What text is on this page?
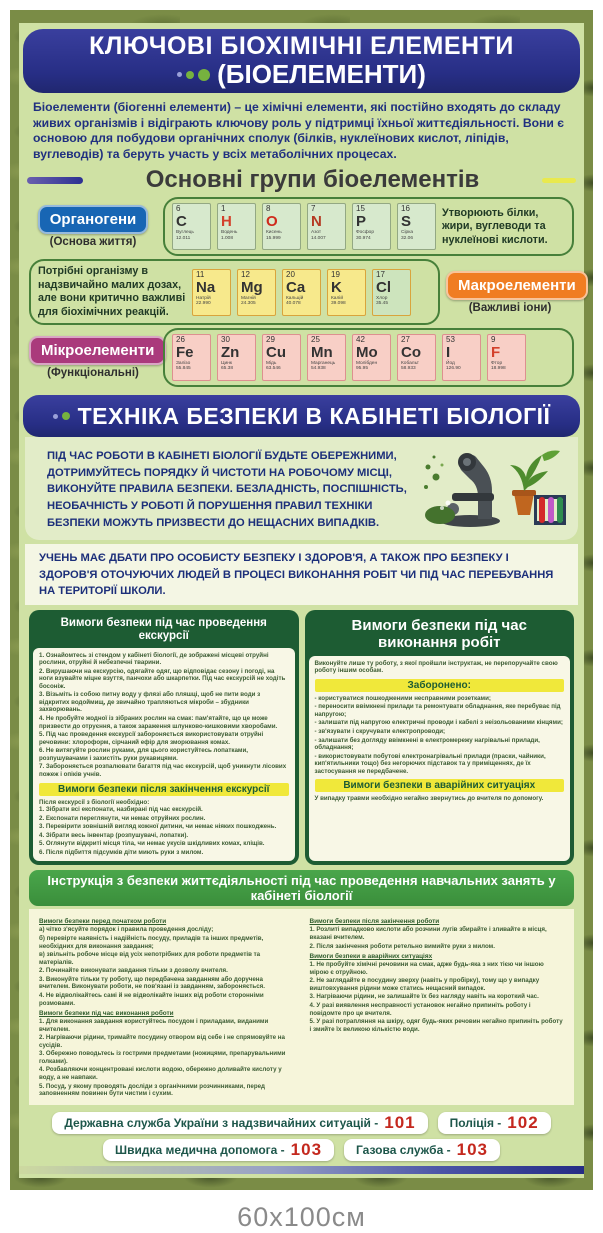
КЛЮЧОВІ БІОХІМІЧНІ ЕЛЕМЕНТИ
(БІОЕЛЕМЕНТИ)
Біоелементи (біогенні елементи) – це хімічні елементи, які постійно входять до складу живих організмів і відіграють ключову роль у підтримці їхньої життєдіяльності. Вони є основою для побудови органічних сполук (білків, нуклеїнових кислот, ліпідів, вуглеводів) та беруть участь у всіх метаболічних процесах.
Основні групи біоелементів
Органогени
(Основа життя)
6
C
Вуглець
12.011
1
H
Водень
1.008
8
O
Кисень
15.999
7
N
Азот
14.007
15
P
Фосфор
30.974
16
S
Сірка
32.06
Утворюють білки, жири, вуглеводи та нуклеїнові кислоти.
Потрібні організму в надзвичайно малих дозах, але вони критично важливі для біохімічних реакцій.
11
Na
Натрій
22.990
12
Mg
Магній
24.305
20
Ca
Кальцій
40.078
19
K
Калій
39.098
17
Cl
Хлор
35.45
Макроелементи
(Важливі іони)
Мікроелементи
(Функціональні)
26
Fe
Залізо
55.845
30
Zn
Цинк
65.38
29
Cu
Мідь
63.546
25
Mn
Марганець
54.938
42
Mo
Молібден
95.95
27
Co
Кобальт
58.933
53
I
Йод
126.90
9
F
Фтор
18.998
ТЕХНІКА БЕЗПЕКИ В КАБІНЕТІ БІОЛОГІЇ
ПІД ЧАС РОБОТИ В КАБІНЕТІ БІОЛОГІЇ БУДЬТЕ ОБЕРЕЖНИМИ, ДОТРИМУЙТЕСЬ ПОРЯДКУ Й ЧИСТОТИ НА РОБОЧОМУ МІСЦІ, ВИКОНУЙТЕ ПРАВИЛА БЕЗПЕКИ. БЕЗЛАДНІСТЬ, ПОСПІШНІСТЬ, НЕОБАЧНІСТЬ У РОБОТІ Й ПОРУШЕННЯ ПРАВИЛ ТЕХНІКИ БЕЗПЕКИ МОЖУТЬ ПРИЗВЕСТИ ДО НЕЩАСНИХ ВИПАДКІВ.
УЧЕНЬ МАЄ ДБАТИ ПРО ОСОБИСТУ БЕЗПЕКУ І ЗДОРОВ'Я, А ТАКОЖ ПРО БЕЗПЕКУ І ЗДОРОВ'Я ОТОЧУЮЧИХ ЛЮДЕЙ В ПРОЦЕСІ ВИКОНАННЯ РОБІТ ЧИ ПІД ЧАС ПЕРЕБУВАННЯ НА ТЕРИТОРІЇ ШКОЛИ.
Вимоги безпеки під час проведення екскурсії
1. Ознайомтесь зі стендом у кабінеті біології, де зображені місцеві отруйні рослини, отруйні й небезпечні тварини.
2. Вирушаючи на екскурсію, одягайте одяг, що відповідає сезону і погоді, на ноги взувайте міцне взуття, панчохи або шкарпетки. Під час екскурсій не ходіть босоніж.
3. Візьміть із собою питну воду у флязі або пляшці, щоб не пити води з відкритих водоймищ, де звичайно трапляються мікроби – збудники захворювань.
4. Не пробуйте жодної із зібраних рослин на смак: пам'ятайте, що це може призвести до отруєння, а також зараження шлунково-кишковими хворобами.
5. Під час проведення екскурсії забороняється використовувати отруйні речовини: хлороформ, сірчаний ефір для зморювання комах.
6. Не витягуйте рослин руками, для цього користуйтесь лопатками, розпушувачами і захистіть руки рукавицями.
7. Забороняється розпалювати багаття під час екскурсій, щоб уникнути лісових пожеж і опіків учнів.
Вимоги безпеки після закінчення екскурсії
Після екскурсії з біології необхідно:
1. Зібрати всі експонати, назбирані під час екскурсій.
2. Експонати переглянути, чи немає отруйних рослин.
3. Перевірити зовнішній вигляд кожної дитини, чи немає ніяких пошкоджень.
4. Зібрати весь інвентар (розпушувачі, лопатки).
5. Оглянути відкриті місця тіла, чи немає укусів шкідливих комах, кліщів.
6. Після підбиття підсумків діти миють руки з милом.
Вимоги безпеки під час виконання робіт
Виконуйте лише ту роботу, з якої пройшли інструктаж, не перепоручайте свою роботу іншим особам.
Заборонено:
- користуватися пошкодженими несправними розетками;
- переносити ввімкнені прилади та ремонтувати обладнання, яке перебуває під напругою;
- залишати під напругою електричні проводи і кабелі з неізольованими кінцями;
- зв'язувати і скручувати електропроводи;
- залишати без догляду ввімкнені в електромережу нагрівальні прилади, обладнання;
- використовувати побутові електронагрівальні прилади (праски, чайники, кип'ятильники тощо) без негорючих підставок та у приміщеннях, де їх застосування не передбачене.
Вимоги безпеки в аварійних ситуаціях
У випадку травми необхідно негайно звернутись до вчителя по допомогу.
Інструкція з безпеки життєдіяльності під час проведення навчальних занять у кабінеті біології
Вимоги безпеки перед початком роботи
а) чітко з'ясуйте порядок і правила проведення досліду;
б) перевірте наявність і надійність посуду, приладів та інших предметів, необхідних для виконання завдання;
в) звільніть робоче місце від усіх непотрібних для роботи предметів та матеріалів.
2. Починайте виконувати завдання тільки з дозволу вчителя.
3. Виконуйте тільки ту роботу, що передбачена завданням або доручена вчителем. Виконувати роботи, не пов'язані із завданням, забороняється.
4. Не відволікайтесь самі й не відволікайте інших від роботи сторонніми розмовами.
Вимоги безпеки під час виконання роботи
1. Для виконання завдання користуйтесь посудом і приладами, виданими вчителем.
2. Нагріваючи рідини, тримайте посудину отвором від себе і не спрямовуйте на сусідів.
3. Обережно поводьтесь із гострими предметами (ножицями, препарувальними голками).
4. Розбавляючи концентровані кислоти водою, обережно доливайте кислоту у воду, а не навпаки.
5. Посуд, у якому проводять досліди з органічними розчинниками, перед заповненням повинен бути чистим і сухим.
Вимоги безпеки після закінчення роботи
1. Розлиті випадково кислоти або розчини лугів збирайте і зливайте в місця, вказані вчителем.
2. Після закінчення роботи ретельно вимийте руки з милом.
Вимоги безпеки в аварійних ситуаціях
1. Не пробуйте хімічні речовини на смак, адже будь-яка з них тією чи іншою мірою є отруйною.
2. Не заглядайте в посудину зверху (навіть у пробірку), тому що у випадку виштовхування рідини може статись нещасний випадок.
3. Нагріваючи рідини, не залишайте їх без нагляду навіть на короткий час.
4. У разі виявлення несправності установок негайно припиніть роботу і повідомте про це вчителя.
5. У разі потрапляння на шкіру, одяг будь-яких речовин негайно припиніть роботу і змийте їх великою кількістю води.
Державна служба України з надзвичайних ситуацій - 101	Поліція - 102
Швидка медична допомога - 103	Газова служба - 103
60x100см
